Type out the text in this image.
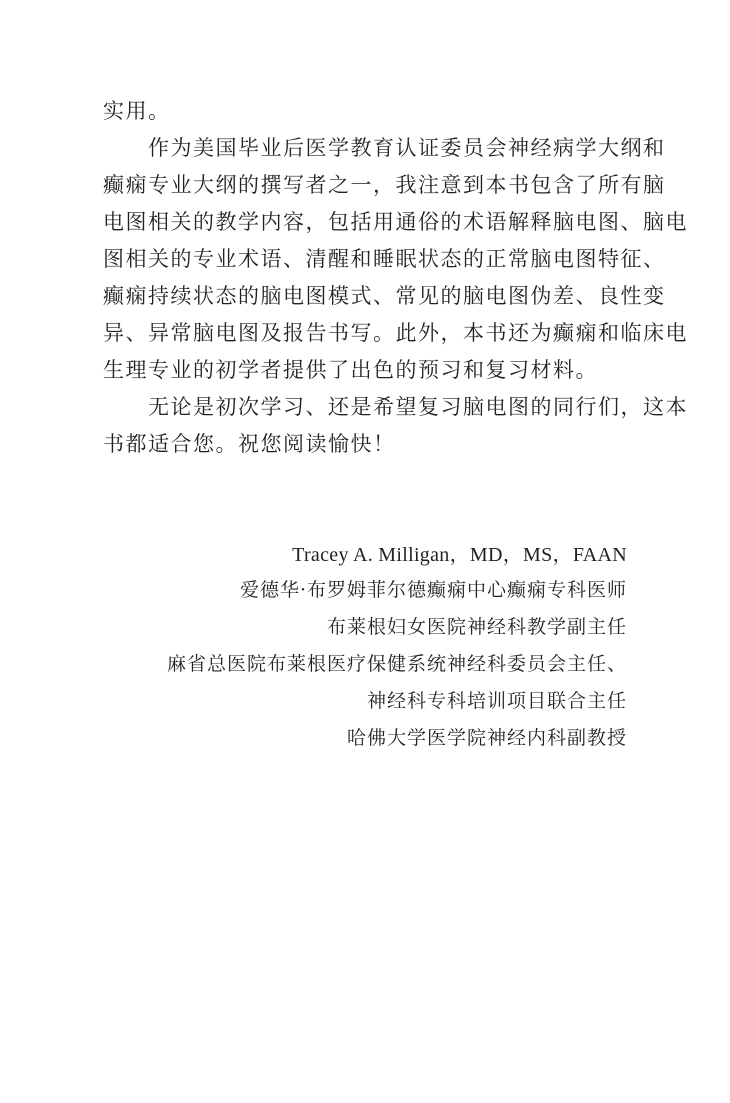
实用。
　　作为美国毕业后医学教育认证委员会神经病学大纲和
癫痫专业大纲的撰写者之一，我注意到本书包含了所有脑
电图相关的教学内容，包括用通俗的术语解释脑电图、脑电
图相关的专业术语、清醒和睡眠状态的正常脑电图特征、
癫痫持续状态的脑电图模式、常见的脑电图伪差、良性变
异、异常脑电图及报告书写。此外，本书还为癫痫和临床电
生理专业的初学者提供了出色的预习和复习材料。
　　无论是初次学习、还是希望复习脑电图的同行们，这本
书都适合您。祝您阅读愉快！
Tracey A. Milligan，MD，MS，FAAN
爱德华·布罗姆菲尔德癫痫中心癫痫专科医师
布莱根妇女医院神经科教学副主任
麻省总医院布莱根医疗保健系统神经科委员会主任、
神经科专科培训项目联合主任
哈佛大学医学院神经内科副教授
